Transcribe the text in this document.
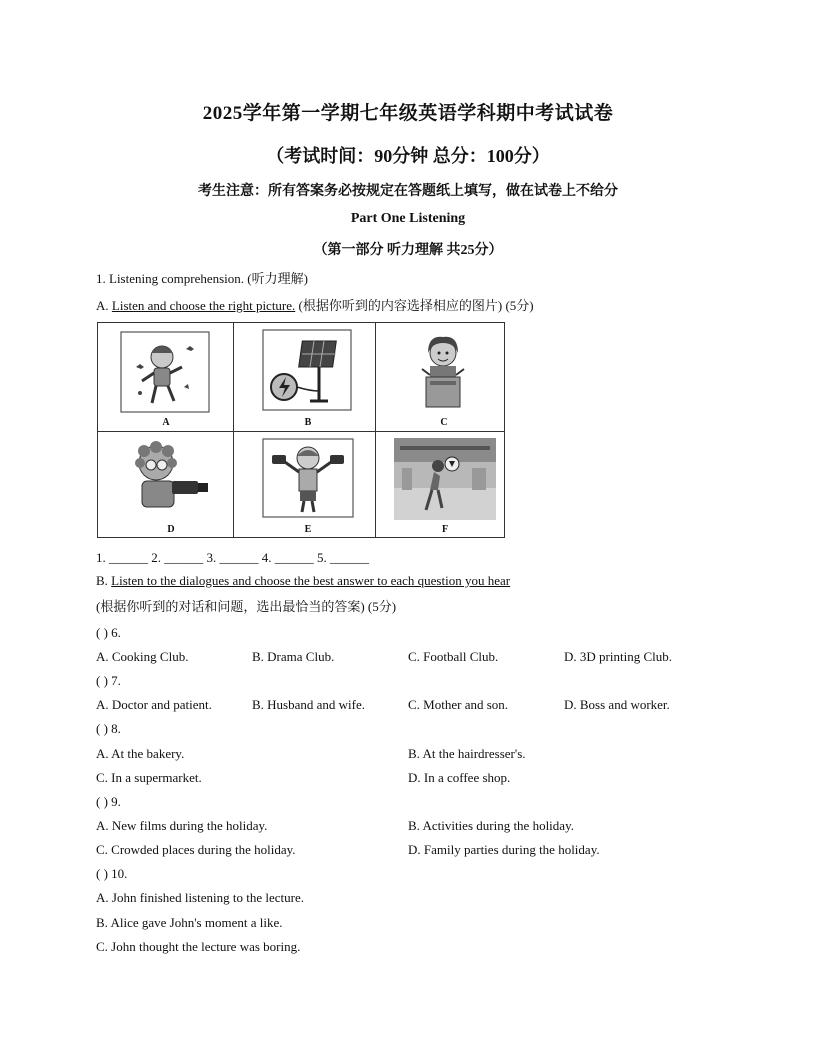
2025学年第一学期七年级英语学科期中考试试卷
（考试时间：90分钟 总分：100分）
考生注意：所有答案务必按规定在答题纸上填写，做在试卷上不给分
Part One Listening
（第一部分 听力理解 共25分）
1. Listening comprehension. (听力理解)
A. Listen and choose the right picture. (根据你听到的内容选择相应的图片) (5分)
A	B	C
D	E	F
1. ______ 2. ______ 3. ______ 4. ______ 5. ______
B. Listen to the dialogues and choose the best answer to each question you hear
(根据你听到的对话和问题，选出最恰当的答案) (5分)
( ) 6.
A. Cooking Club.	B. Drama Club.	C. Football Club.	D. 3D printing Club.
( ) 7.
A. Doctor and patient.	B. Husband and wife.	C. Mother and son.	D. Boss and worker.
( ) 8.
A. At the bakery.	B. At the hairdresser's.
C. In a supermarket.	D. In a coffee shop.
( ) 9.
A. New films during the holiday.	B. Activities during the holiday.
C. Crowded places during the holiday.	D. Family parties during the holiday.
( ) 10.
A. John finished listening to the lecture.
B. Alice gave John's moment a like.
C. John thought the lecture was boring.
